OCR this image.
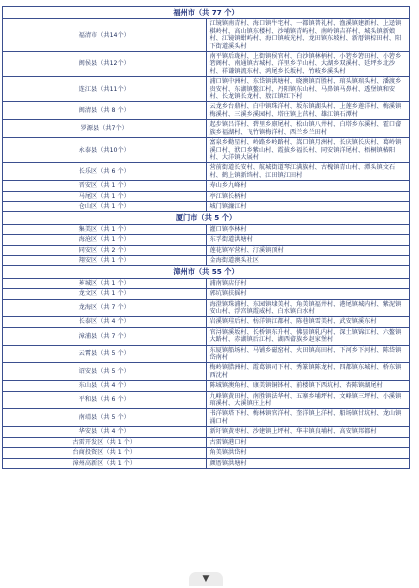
福州市（共 77 个）	
福清市（共14个）	江镜镇南青村、海口镇牛宅村、一都镇普礼村、渔溪镇建新村、上迳镇棋岭村、高山镇东楼村、沙埔镇青屿村、南岭镇吉祥村、城头镇新娘村、江镜镇蚶屿村、海口镇岐光村、龙田镇东坡村、新厝镇棕田村、阳下街道溪头村
闽侯县（共12个）	南平镇后珑村、上街镇侯官村、白沙镇林柄村、小箬乡箬田村、小箬乡箬阁村、南通镇古城村、洋里乡芋山村、大湖乡双溪村、廷坪乡北沙村、祥谦镇流东村、鸿尾乡长坂村、竹岐乡溪头村
连江县（共11个）	浦口镇中洲村、东岱镇洪塘村、晓澳镇百胜村、琯头镇琯头村、潘渡乡贵安村、东湖镇鳌江村、丹阳镇东山村、马鼻镇马鼻村、透堡镇和安村、长龙镇长龙村、敖江镇红下村
闽清县（共 8 个）	云龙乡台鼎村、白中镇珠洋村、坂东镇湖头村、上莲乡莲洋村、梅溪镇梅溪村、三溪乡溪园村、塔庄镇上莒村、雄江镇石潭村
罗源县（共7个）	起步镇吕洋村、碧里乡廪尾村、松山镇八井村、白塔乡东溪村、霍口畲族乡福湖村、飞竹镇梅洋村、西兰乡兰田村
永泰县（共10个）	富泉乡勤星村、岭路乡岭路村、嵩口镇月洲村、长庆镇长庆村、葛岭镇溪口村、洑口乡紫山村、霞拔乡福长村、同安镇洋尾村、梧桐镇椿阳村、大洋镇大展村
长乐区（共 6 个）	营前街道长安村、航城街道琴江满族村、古槐镇青山村、潭头镇文石村、鹤上镇新垱村、江田镇江田村
晋安区（共 1 个）	寿山乡九峰村
马尾区（共 1 个）	亭江镇长柄村
仓山区（共 1 个）	城门镇濂江村
厦门市（共 5 个）	
集美区（共 1 个）	灌口镇李林村
海沧区（共 1 个）	东孚街道洪塘村
同安区（共 2 个）	莲花镇军营村、汀溪镇顶村
翔安区（共 1 个）	金海街道澳头社区
漳州市（共 55 个）	
芗城区（共 1 个）	浦南镇店仔村
龙文区（共 1 个）	郭坑镇扶摇村
龙海区（共 7 个）	海澄镇珠浦村、东园镇埭美村、角美镇福井村、港尾镇城内村、紫泥镇安山村、浮宫镇霞威村、白水镇白水村
长泰区（共 4 个）	岩溪镇珪后村、枋洋镇江都村、陈巷镇雪美村、武安镇溪东村
漳浦县（共 7 个）	官浔镇溪坂村、长桥镇东升村、佛昙镇轧内村、深土镇锦江村、六鳌镇大路村、赤湖镇后江村、湖西畲族乡赵家堡村
云霄县（共 5 个）	东厦镇船场村、马铺乡磁窑村、火田镇高田村、下河乡下河村、陈岱镇岱南村
诏安县（共 5 个）	梅岭镇腊洲村、霞葛镇司下村、秀篆镇陈龙村、四都镇东城村、桥东镇西沈村
东山县（共 4 个）	陈城镇澳角村、康美镇铜钵村、前楼镇下西坑村、杏陈镇湖尾村
平和县（共 6 个）	九峰镇黄田村、南胜镇法华村、五寨乡埔坪村、文峰镇三坪村、小溪镇琯溪村、大溪镇庄上村
南靖县（共 5 个）	书洋镇塔下村、梅林镇官洋村、奎洋镇上洋村、船场镇甘坑村、龙山镇涌口村
华安县（共 4 个）	新圩镇黄枣村、沙建镇上坪村、华丰镇良埔村、高安镇邦都村
古雷开发区（共 1 个）	古雷镇港口村
台商投资区（共 1 个）	角美镇洪岱村
漳州高新区（共 1 个）	颜厝镇洪塘村
▼
